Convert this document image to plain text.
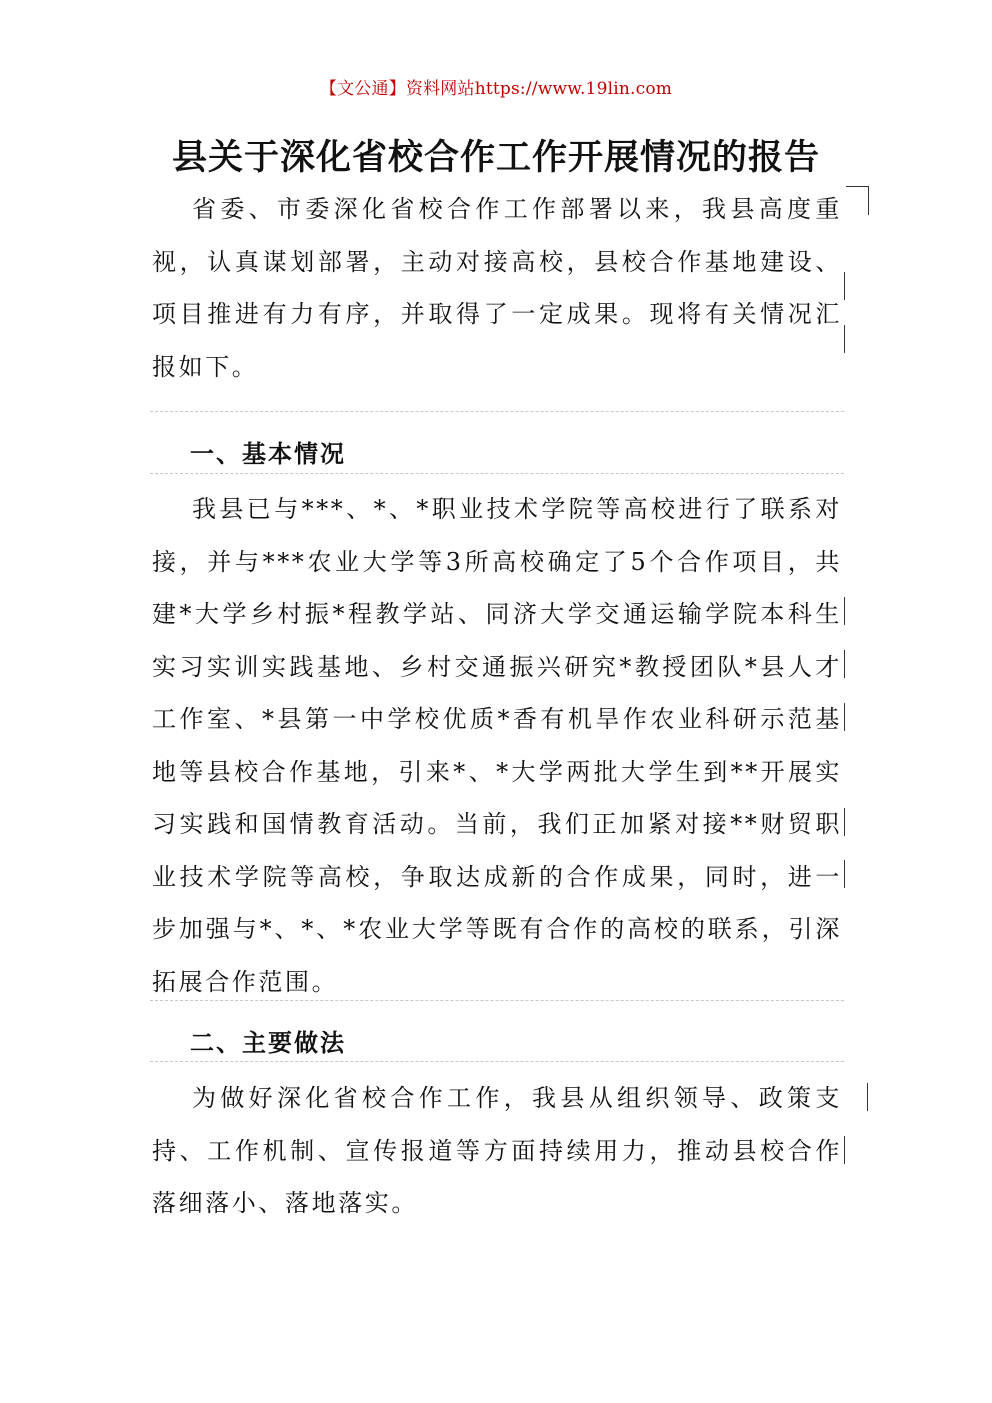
【文公通】资料网站https://www.19lin.com
县关于深化省校合作工作开展情况的报告

省委、市委深化省校合作工作部署以来，我县高度重视，认真谋划部署，主动对接高校，县校合作基地建设、项目推进有力有序，并取得了一定成果。现将有关情况汇报如下。

一、基本情况

我县已与***、*、*职业技术学院等高校进行了联系对接，并与***农业大学等3所高校确定了5个合作项目，共建*大学乡村振*程教学站、同济大学交通运输学院本科生实习实训实践基地、乡村交通振兴研究*教授团队*县人才工作室、*县第一中学校优质*香有机旱作农业科研示范基地等县校合作基地，引来*、*大学两批大学生到**开展实习实践和国情教育活动。当前，我们正加紧对接**财贸职业技术学院等高校，争取达成新的合作成果，同时，进一步加强与*、*、*农业大学等既有合作的高校的联系，引深拓展合作范围。

二、主要做法

为做好深化省校合作工作，我县从组织领导、政策支持、工作机制、宣传报道等方面持续用力，推动县校合作落细落小、落地落实。
